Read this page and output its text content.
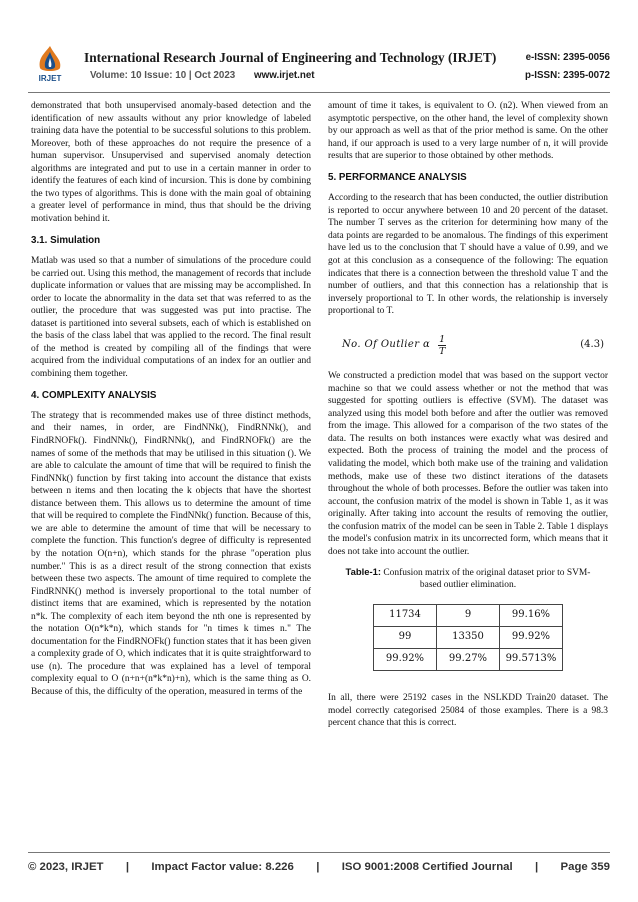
IRJET
International Research Journal of Engineering and Technology (IRJET)	e-ISSN: 2395-0056
Volume: 10 Issue: 10 | Oct 2023 www.irjet.net	p-ISSN: 2395-0072

demonstrated that both unsupervised anomaly-based detection and the identification of new assaults without any prior knowledge of labeled training data have the potential to be successful solutions to this problem. Moreover, both of these approaches do not require the presence of a human supervisor. Unsupervised and supervised anomaly detection algorithms are integrated and put to use in a certain manner in order to identify the features of each kind of incursion. This is done by combining the two types of algorithms. This is done with the main goal of obtaining a greater level of performance in mind, thus that should be the driving motivation behind it.

3.1. Simulation

Matlab was used so that a number of simulations of the procedure could be carried out. Using this method, the management of records that include duplicate information or values that are missing may be accomplished. In order to locate the abnormality in the data set that was referred to as the outlier, the procedure that was suggested was put into practise. The dataset is partitioned into several subsets, each of which is established on the basis of the class label that was applied to the record. The final result of the method is created by compiling all of the findings that were acquired from the individual computations of an index for an outlier and combining them together.

4. COMPLEXITY ANALYSIS

The strategy that is recommended makes use of three distinct methods, and their names, in order, are FindNNk(), FindRNNk(), and FindRNOFk(). FindNNk(), FindRNNk(), and FindRNOFk() are the names of some of the methods that may be utilised in this situation (). We are able to calculate the amount of time that will be required to finish the FindNNk() function by first taking into account the distance that exists between n items and then locating the k objects that have the shortest distance between them. This allows us to determine the amount of time that will be required to complete the FindNNk() function. Because of this, we are able to determine the amount of time that will be necessary to complete the function. This function's degree of difficulty is represented by the notation O(n+n), which stands for the phrase "operation plus number." This is as a direct result of the strong connection that exists between these two aspects. The amount of time required to complete the FindRNNK() method is inversely proportional to the total number of distinct items that are examined, which is represented by the notation n*k. The complexity of each item beyond the nth one is represented by the notation O(n*k*n), which stands for "n times k times n." The documentation for the FindRNOFk() function states that it has been given a complexity grade of O, which indicates that it is quite straightforward to use (n). The procedure that was explained has a level of temporal complexity equal to O (n+n+(n*k*n)+n), which is the same thing as O. Because of this, the difficulty of the operation, measured in terms of the

amount of time it takes, is equivalent to O. (n2). When viewed from an asymptotic perspective, on the other hand, the level of complexity shown by our approach as well as that of the prior method is same. On the other hand, if our approach is used to a very large number of n, it will provide results that are superior to those obtained by other methods.

5. PERFORMANCE ANALYSIS

According to the research that has been conducted, the outlier distribution is reported to occur anywhere between 10 and 20 percent of the dataset. The number T serves as the criterion for determining how many of the data points are regarded to be anomalous. The findings of this experiment have led us to the conclusion that T should have a value of 0.99, and we got at this conclusion as a consequence of the following: The equation indicates that there is a connection between the threshold value T and the number of outliers, and that this connection has a relationship that is inversely proportional to T. In other words, the relationship is inversely proportional to T.

No. Of Outlier α $\frac{1}{T}$	(4.3)

We constructed a prediction model that was based on the support vector machine so that we could assess whether or not the method that was suggested for spotting outliers is effective (SVM). The dataset was analyzed using this model both before and after the outlier was removed from the image. This allowed for a comparison of the two states of the data. The results on both instances were exactly what was desired and expected. Both the process of training the model and the process of validating the model, which both make use of the training and validation methods, make use of these two distinct iterations of the datasets throughout the whole of both processes. Before the outlier was taken into account, the confusion matrix of the model is shown in Table 1, as it was originally. After taking into account the results of removing the outlier, the confusion matrix of the model can be seen in Table 2. Table 1 displays the model's confusion matrix in its uncorrected form, which means that it does not take into account the outlier.

Table-1: Confusion matrix of the original dataset prior to SVM-based outlier elimination.
11734	9	99.16%
99	13350	99.92%
99.92%	99.27%	99.5713%

In all, there were 25192 cases in the NSLKDD Train20 dataset. The model correctly categorised 25084 of those examples. There is a 98.3 percent chance that this is correct.

© 2023, IRJET | Impact Factor value: 8.226 | ISO 9001:2008 Certified Journal | Page 359
